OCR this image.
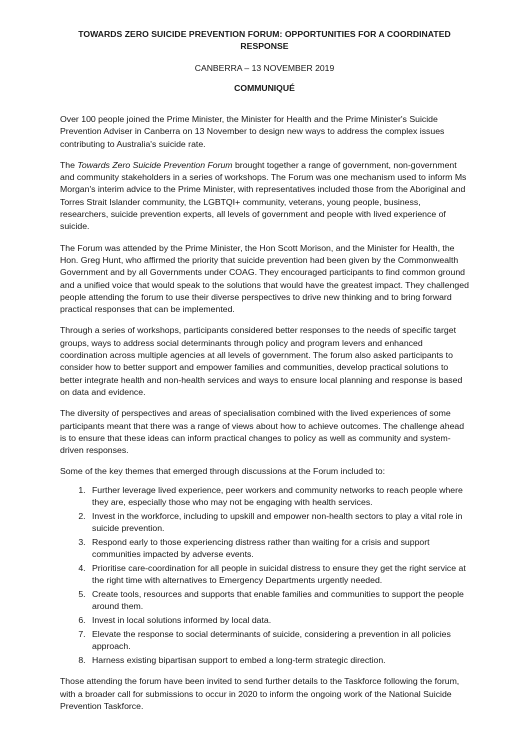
TOWARDS ZERO SUICIDE PREVENTION FORUM: OPPORTUNITIES FOR A COORDINATED RESPONSE

CANBERRA – 13 NOVEMBER 2019

COMMUNIQUÉ

Over 100 people joined the Prime Minister, the Minister for Health and the Prime Minister's Suicide Prevention Adviser in Canberra on 13 November to design new ways to address the complex issues contributing to Australia's suicide rate.

The Towards Zero Suicide Prevention Forum brought together a range of government, non-government and community stakeholders in a series of workshops. The Forum was one mechanism used to inform Ms Morgan's interim advice to the Prime Minister, with representatives included those from the Aboriginal and Torres Strait Islander community, the LGBTQI+ community, veterans, young people, business, researchers, suicide prevention experts, all levels of government and people with lived experience of suicide.

The Forum was attended by the Prime Minister, the Hon Scott Morison, and the Minister for Health, the Hon. Greg Hunt, who affirmed the priority that suicide prevention had been given by the Commonwealth Government and by all Governments under COAG. They encouraged participants to find common ground and a unified voice that would speak to the solutions that would have the greatest impact. They challenged people attending the forum to use their diverse perspectives to drive new thinking and to bring forward practical responses that can be implemented.

Through a series of workshops, participants considered better responses to the needs of specific target groups, ways to address social determinants through policy and program levers and enhanced coordination across multiple agencies at all levels of government. The forum also asked participants to consider how to better support and empower families and communities, develop practical solutions to better integrate health and non-health services and ways to ensure local planning and response is based on data and evidence.

The diversity of perspectives and areas of specialisation combined with the lived experiences of some participants meant that there was a range of views about how to achieve outcomes. The challenge ahead is to ensure that these ideas can inform practical changes to policy as well as community and system-driven responses.

Some of the key themes that emerged through discussions at the Forum included to:

1. Further leverage lived experience, peer workers and community networks to reach people where they are, especially those who may not be engaging with health services.
2. Invest in the workforce, including to upskill and empower non-health sectors to play a vital role in suicide prevention.
3. Respond early to those experiencing distress rather than waiting for a crisis and support communities impacted by adverse events.
4. Prioritise care-coordination for all people in suicidal distress to ensure they get the right service at the right time with alternatives to Emergency Departments urgently needed.
5. Create tools, resources and supports that enable families and communities to support the people around them.
6. Invest in local solutions informed by local data.
7. Elevate the response to social determinants of suicide, considering a prevention in all policies approach.
8. Harness existing bipartisan support to embed a long-term strategic direction.

Those attending the forum have been invited to send further details to the Taskforce following the forum, with a broader call for submissions to occur in 2020 to inform the ongoing work of the National Suicide Prevention Taskforce.
